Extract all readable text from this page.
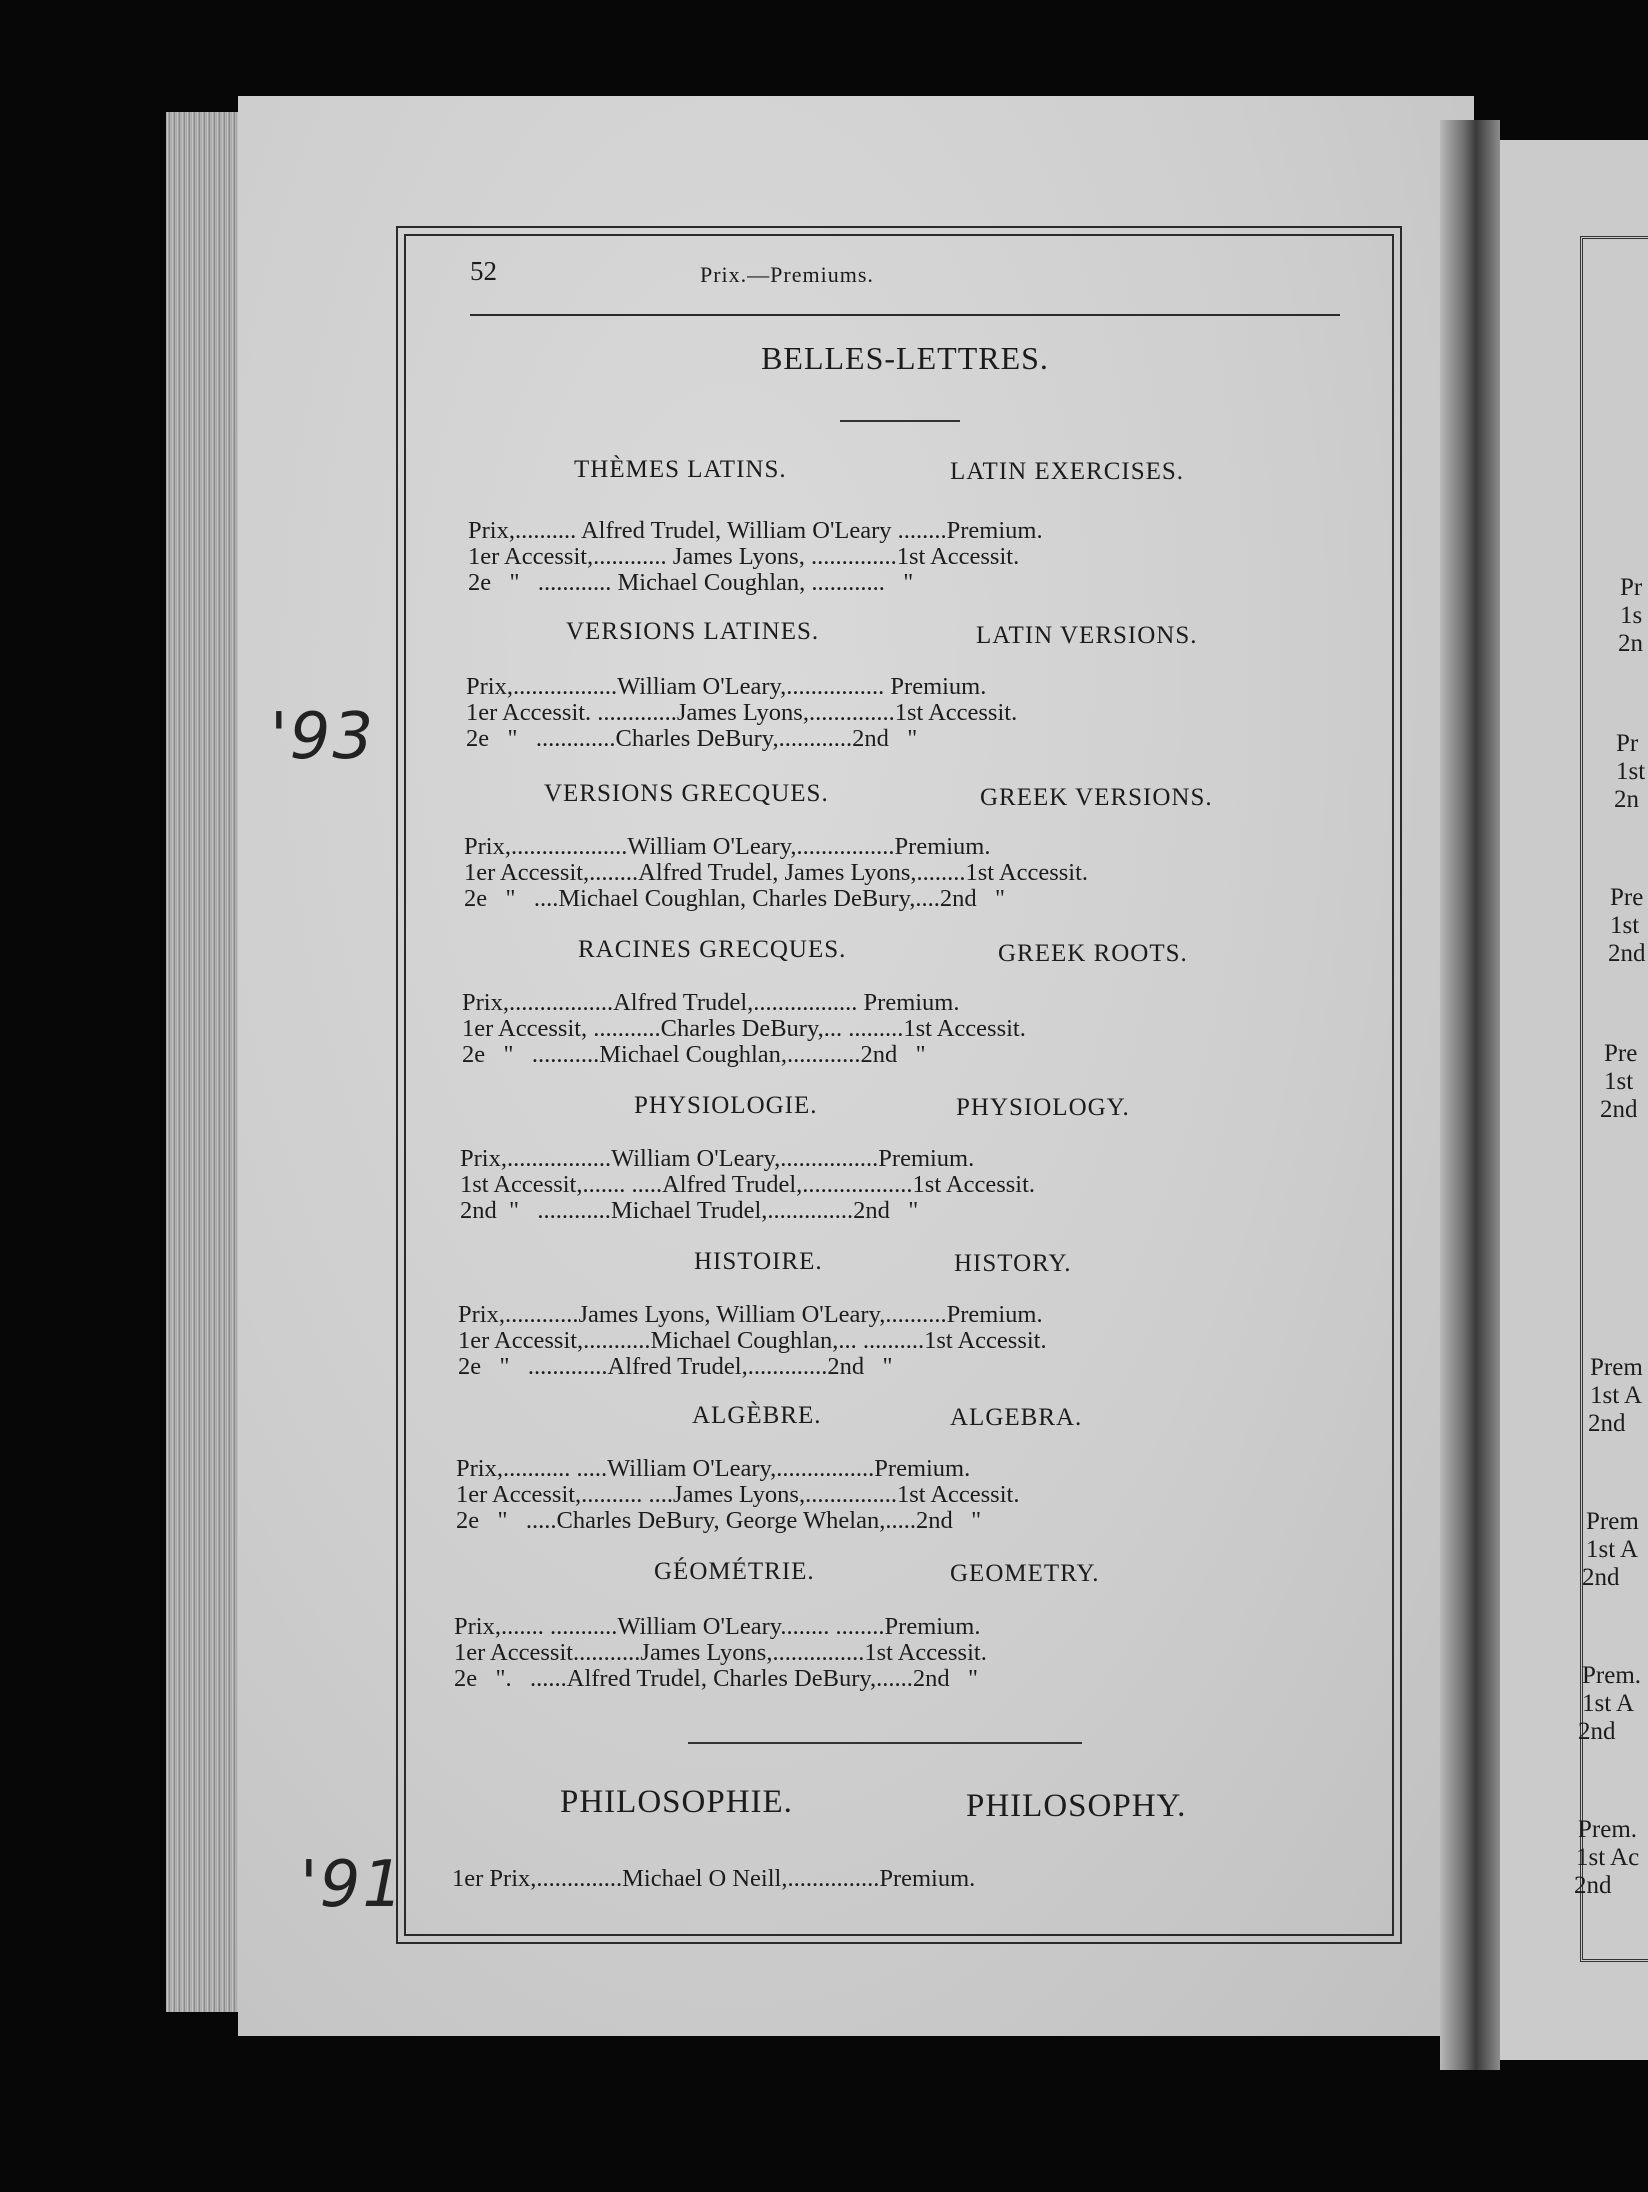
52	Prix.—Premiums.
BELLES-LETTRES.
THÈMES LATINS.	LATIN EXERCISES.
Prix,.......... Alfred Trudel, William O'Leary ........Premium.
1er Accessit,............ James Lyons, ..............1st Accessit.
2e   "   ............ Michael Coughlan, ............   "
VERSIONS LATINES.	LATIN VERSIONS.
Prix,.................William O'Leary,................ Premium.
1er Accessit. .............James Lyons,..............1st Accessit.
2e   "   .............Charles DeBury,............2nd   "
VERSIONS GRECQUES.	GREEK VERSIONS.
Prix,...................William O'Leary,................Premium.
1er Accessit,........Alfred Trudel, James Lyons,........1st Accessit.
2e   "   ....Michael Coughlan, Charles DeBury,....2nd   "
RACINES GRECQUES.	GREEK ROOTS.
Prix,.................Alfred Trudel,................. Premium.
1er Accessit, ...........Charles DeBury,... .........1st Accessit.
2e   "   ...........Michael Coughlan,............2nd   "
PHYSIOLOGIE.	PHYSIOLOGY.
Prix,.................William O'Leary,................Premium.
1st Accessit,....... .....Alfred Trudel,..................1st Accessit.
2nd  "   ............Michael Trudel,..............2nd   "
HISTOIRE.	HISTORY.
Prix,............James Lyons, William O'Leary,..........Premium.
1er Accessit,...........Michael Coughlan,... ..........1st Accessit.
2e   "   .............Alfred Trudel,.............2nd   "
ALGÈBRE.	ALGEBRA.
Prix,........... .....William O'Leary,................Premium.
1er Accessit,.......... ....James Lyons,...............1st Accessit.
2e   "   .....Charles DeBury, George Whelan,.....2nd   "
GÉOMÉTRIE.	GEOMETRY.
Prix,....... ...........William O'Leary........ ........Premium.
1er Accessit...........James Lyons,...............1st Accessit.
2e   ".   ......Alfred Trudel, Charles DeBury,......2nd   "
PHILOSOPHIE.	PHILOSOPHY.
1er Prix,..............Michael O Neill,...............Premium.
'93
'91
Pr
1s
2n
Pr
1st
2n
Pre
1st
2nd
Pre
1st
2nd
Prem
1st A
2nd
Prem
1st A
2nd
Prem.
1st A
2nd
Prem.
1st Ac
2nd
